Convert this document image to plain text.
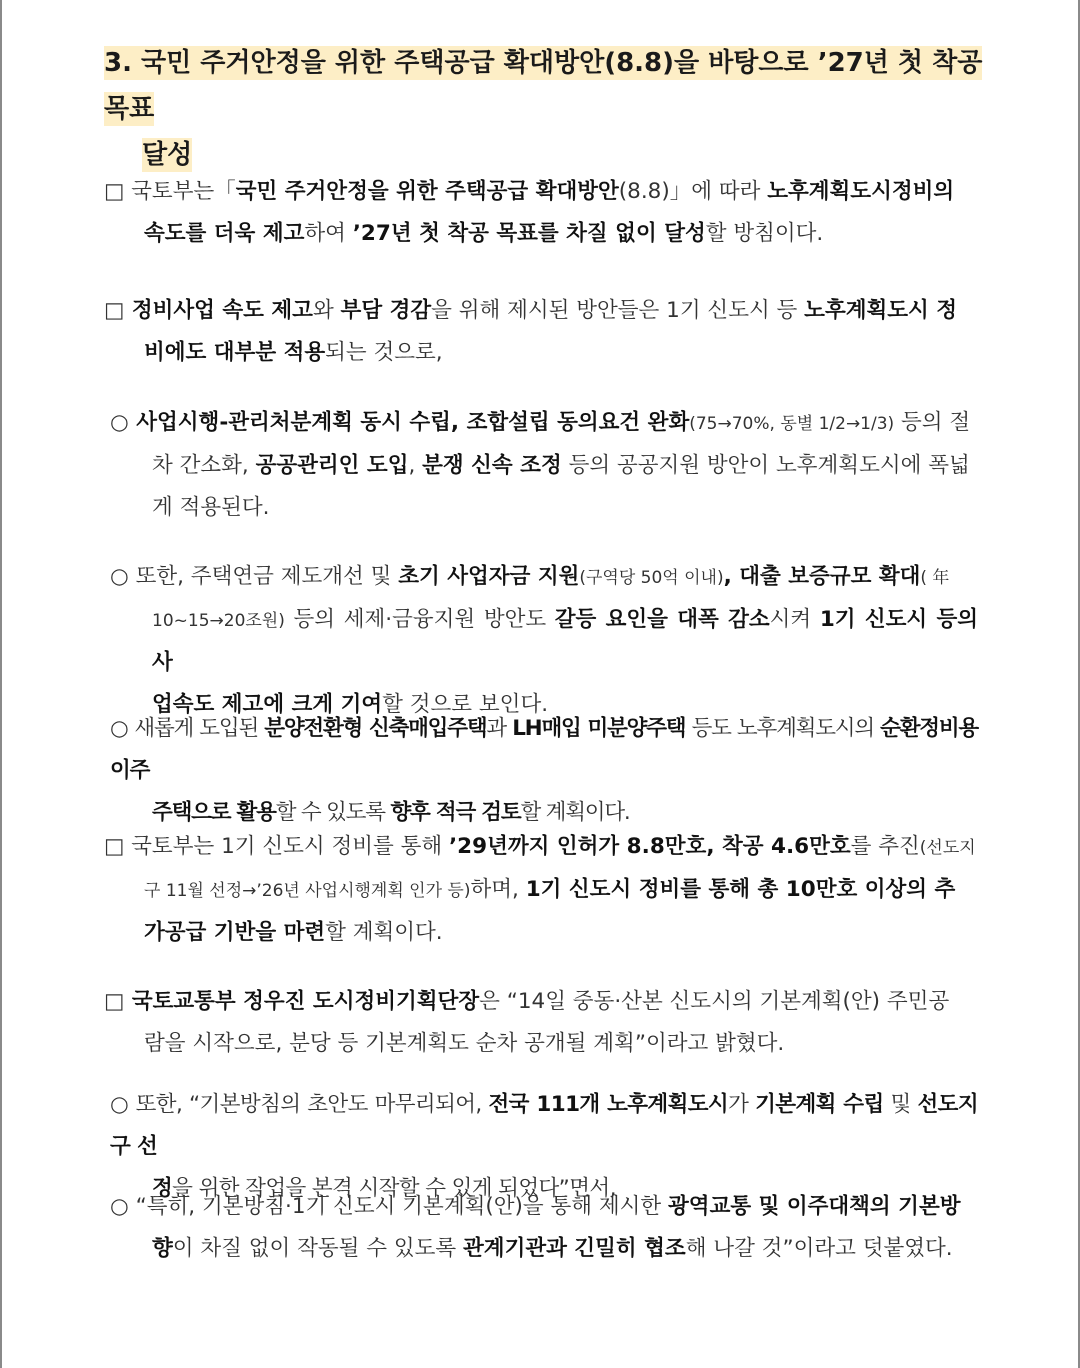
3. 국민 주거안정을 위한 주택공급 확대방안(8.8)을 바탕으로 ’27년 첫 착공목표
달성
□ 국토부는「국민 주거안정을 위한 주택공급 확대방안(8.8)」에 따라 노후계획도시정비의
속도를 더욱 제고하여 ’27년 첫 착공 목표를 차질 없이 달성할 방침이다.
□ 정비사업 속도 제고와 부담 경감을 위해 제시된 방안들은 1기 신도시 등 노후계획도시 정
비에도 대부분 적용되는 것으로,
○ 사업시행-관리처분계획 동시 수립, 조합설립 동의요건 완화(75→70%, 동별 1/2→1/3) 등의 절
차 간소화, 공공관리인 도입, 분쟁 신속 조정 등의 공공지원 방안이 노후계획도시에 폭넓
게 적용된다.
○ 또한, 주택연금 제도개선 및 초기 사업자금 지원(구역당 50억 이내), 대출 보증규모 확대( 年
10~15→20조원) 등의 세제·금융지원 방안도 갈등 요인을 대폭 감소시켜 1기 신도시 등의 사
업속도 제고에 크게 기여할 것으로 보인다.
○ 새롭게 도입된 분양전환형 신축매입주택과 LH매입 미분양주택 등도 노후계획도시의 순환정비용 이주
주택으로 활용할 수 있도록 향후 적극 검토할 계획이다.
□ 국토부는 1기 신도시 정비를 통해 ’29년까지 인허가 8.8만호, 착공 4.6만호를 추진(선도지
구 11월 선정→’26년 사업시행계획 인가 등)하며, 1기 신도시 정비를 통해 총 10만호 이상의 추
가공급 기반을 마련할 계획이다.
□ 국토교통부 정우진 도시정비기획단장은 “14일 중동·산본 신도시의 기본계획(안) 주민공
람을 시작으로, 분당 등 기본계획도 순차 공개될 계획”이라고 밝혔다.
○ 또한, “기본방침의 초안도 마무리되어, 전국 111개 노후계획도시가 기본계획 수립 및 선도지구 선
정을 위한 작업을 본격 시작할 수 있게 되었다”면서,
○ “특히, 기본방침·1기 신도시 기본계획(안)을 통해 제시한 광역교통 및 이주대책의 기본방
향이 차질 없이 작동될 수 있도록 관계기관과 긴밀히 협조해 나갈 것”이라고 덧붙였다.
